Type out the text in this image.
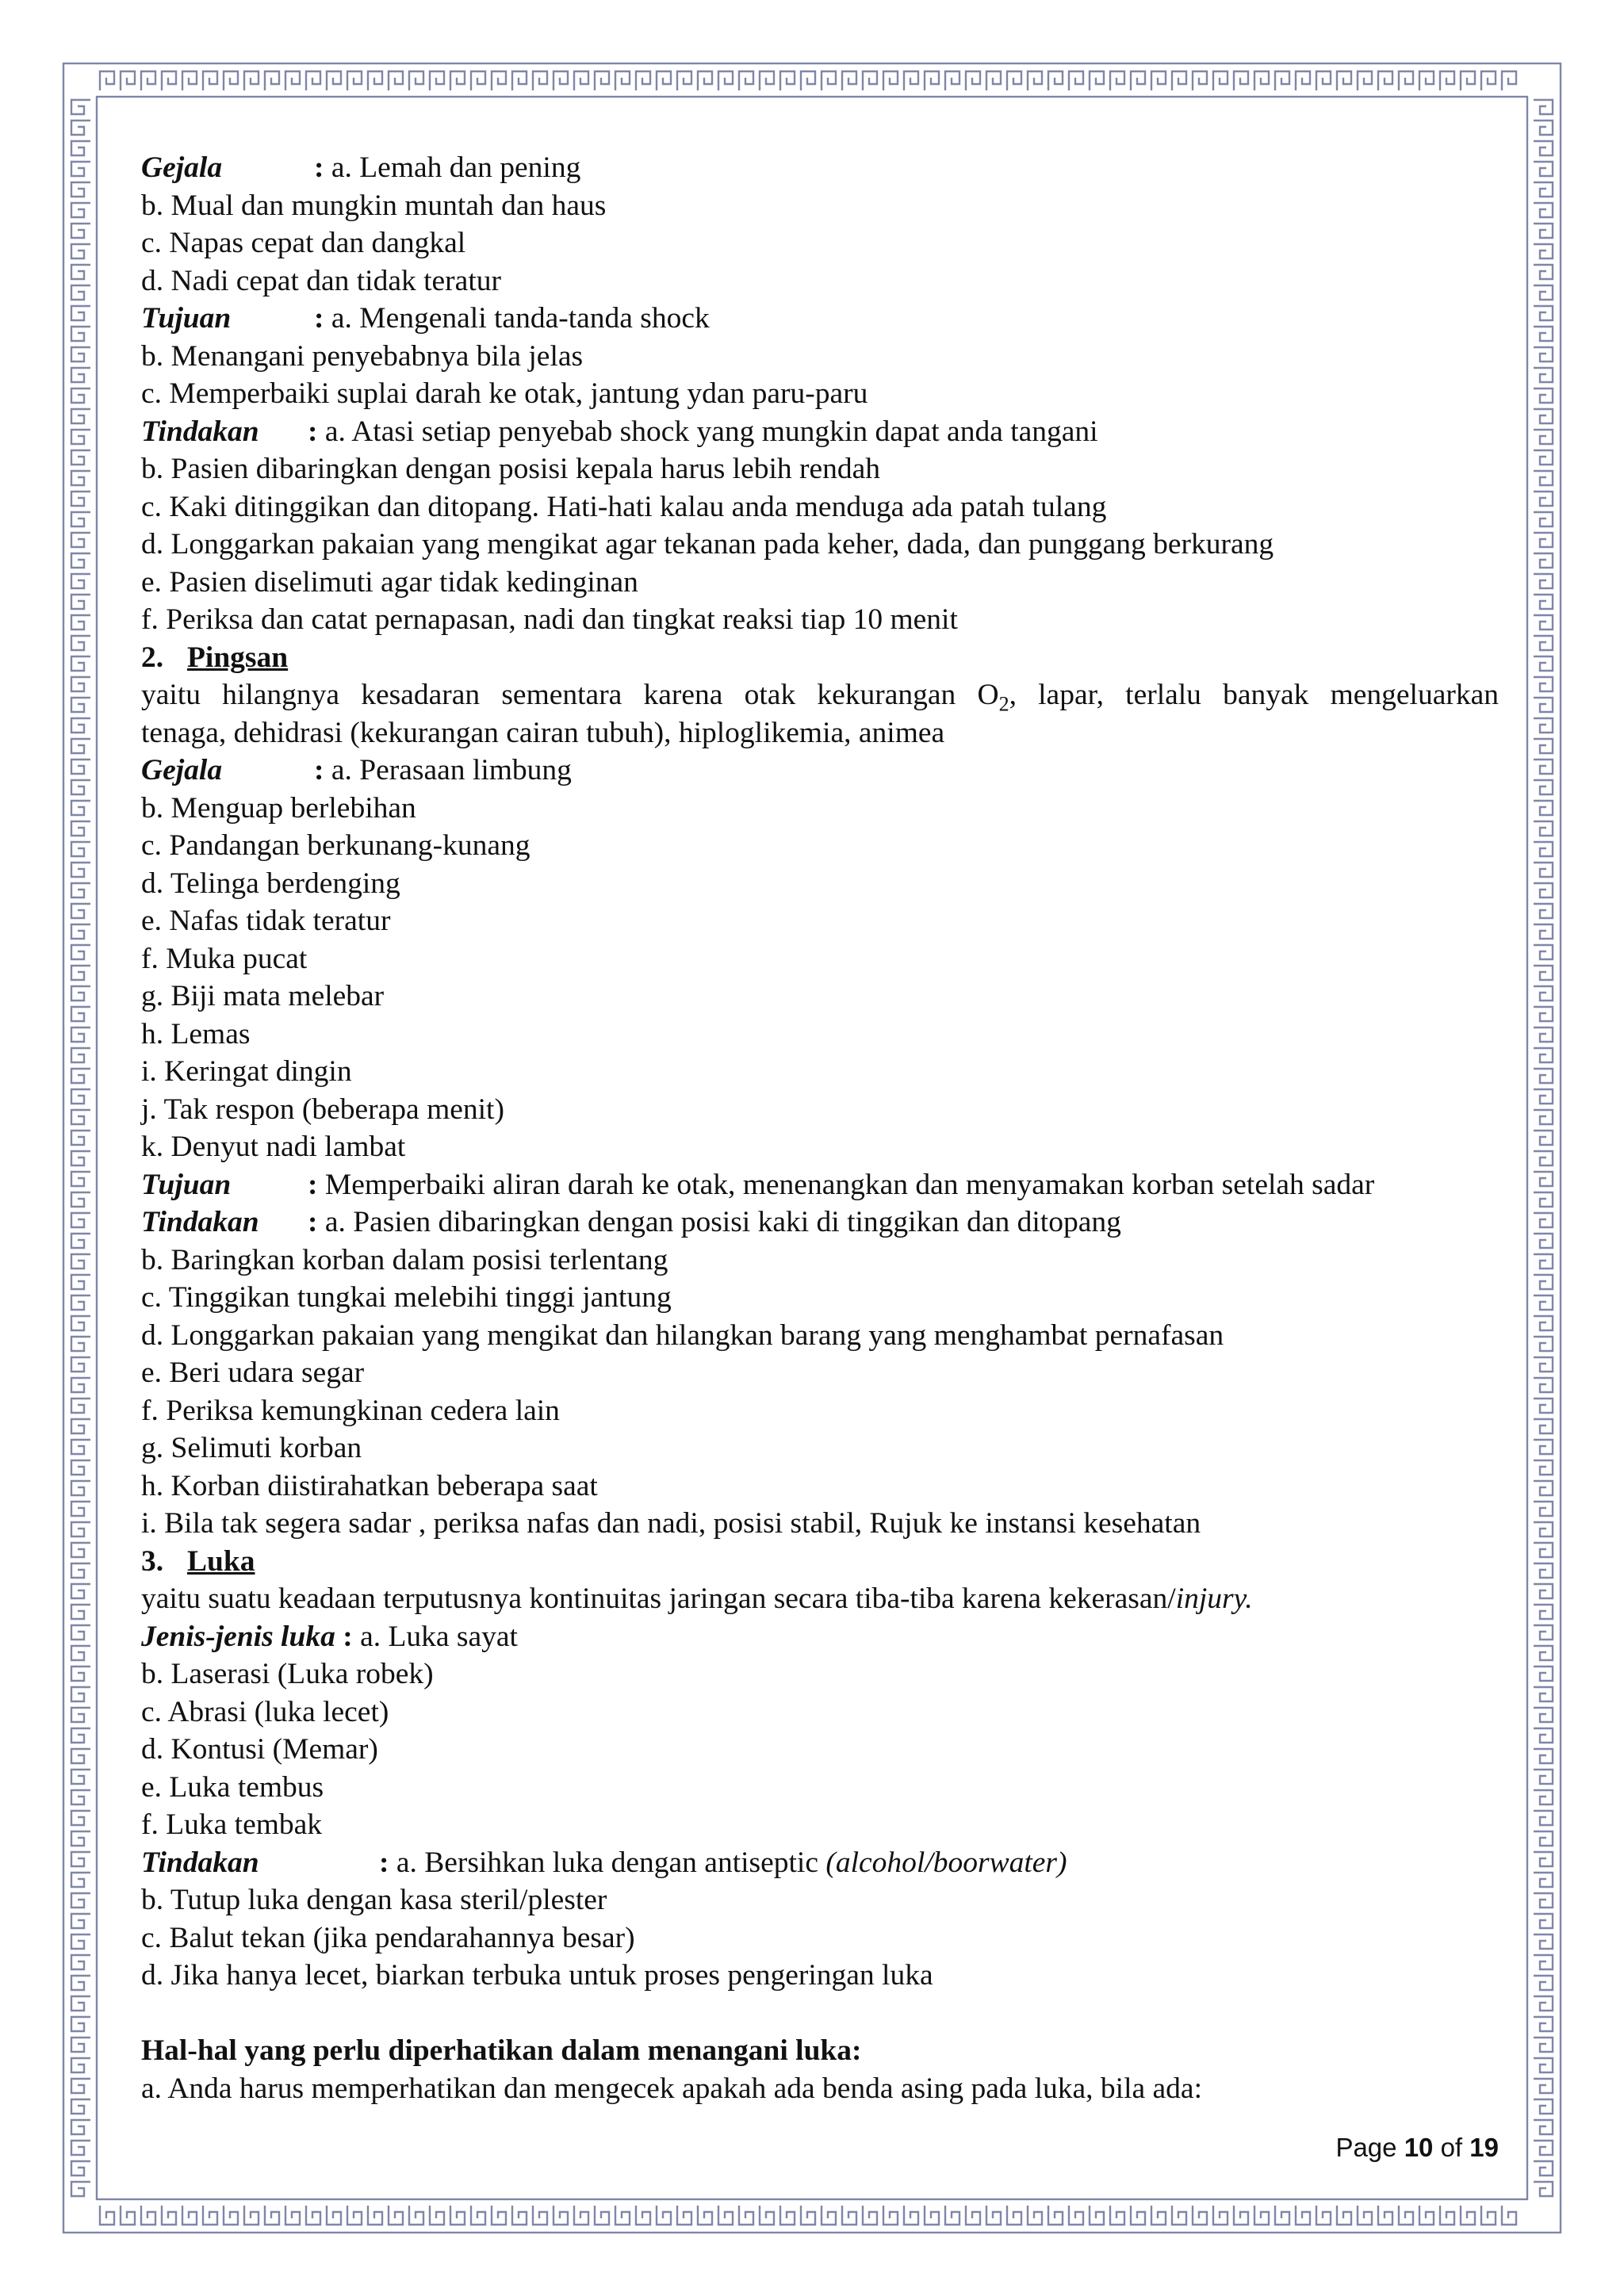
Gejala	: a. Lemah dan pening
b. Mual dan mungkin muntah dan haus
c. Napas cepat dan dangkal
d. Nadi cepat dan tidak teratur
Tujuan	: a. Mengenali tanda-tanda shock
b. Menangani penyebabnya bila jelas
c. Memperbaiki suplai darah ke otak, jantung ydan paru-paru
Tindakan : a. Atasi setiap penyebab shock yang mungkin dapat anda tangani
b. Pasien dibaringkan dengan posisi kepala harus lebih rendah
c. Kaki ditinggikan dan ditopang. Hati-hati kalau anda menduga ada patah tulang
d. Longgarkan pakaian yang mengikat agar tekanan pada keher, dada, dan punggang berkurang
e. Pasien diselimuti agar tidak kedinginan
f. Periksa dan catat pernapasan, nadi dan tingkat reaksi tiap 10 menit
2. Pingsan
yaitu hilangnya kesadaran sementara karena otak kekurangan $O_2$, lapar, terlalu banyak mengeluarkan
tenaga, dehidrasi (kekurangan cairan tubuh), hiploglikemia, animea
Gejala	: a. Perasaan limbung
b. Menguap berlebihan
c. Pandangan berkunang-kunang
d. Telinga berdenging
e. Nafas tidak teratur
f. Muka pucat
g. Biji mata melebar
h. Lemas
i. Keringat dingin
j. Tak respon (beberapa menit)
k. Denyut nadi lambat
Tujuan	: Memperbaiki aliran darah ke otak, menenangkan dan menyamakan korban setelah sadar
Tindakan : a. Pasien dibaringkan dengan posisi kaki di tinggikan dan ditopang
b. Baringkan korban dalam posisi terlentang
c. Tinggikan tungkai melebihi tinggi jantung
d. Longgarkan pakaian yang mengikat dan hilangkan barang yang menghambat pernafasan
e. Beri udara segar
f. Periksa kemungkinan cedera lain
g. Selimuti korban
h. Korban diistirahatkan beberapa saat
i. Bila tak segera sadar , periksa nafas dan nadi, posisi stabil, Rujuk ke instansi kesehatan
3. Luka
yaitu suatu keadaan terputusnya kontinuitas jaringan secara tiba-tiba karena kekerasan/injury.
Jenis-jenis luka : a. Luka sayat
b. Laserasi (Luka robek)
c. Abrasi (luka lecet)
d. Kontusi (Memar)
e. Luka tembus
f. Luka tembak
Tindakan	: a. Bersihkan luka dengan antiseptic (alcohol/boorwater)
b. Tutup luka dengan kasa steril/plester
c. Balut tekan (jika pendarahannya besar)
d. Jika hanya lecet, biarkan terbuka untuk proses pengeringan luka
Hal-hal yang perlu diperhatikan dalam menangani luka:
a. Anda harus memperhatikan dan mengecek apakah ada benda asing pada luka, bila ada:
Page 10 of 19
